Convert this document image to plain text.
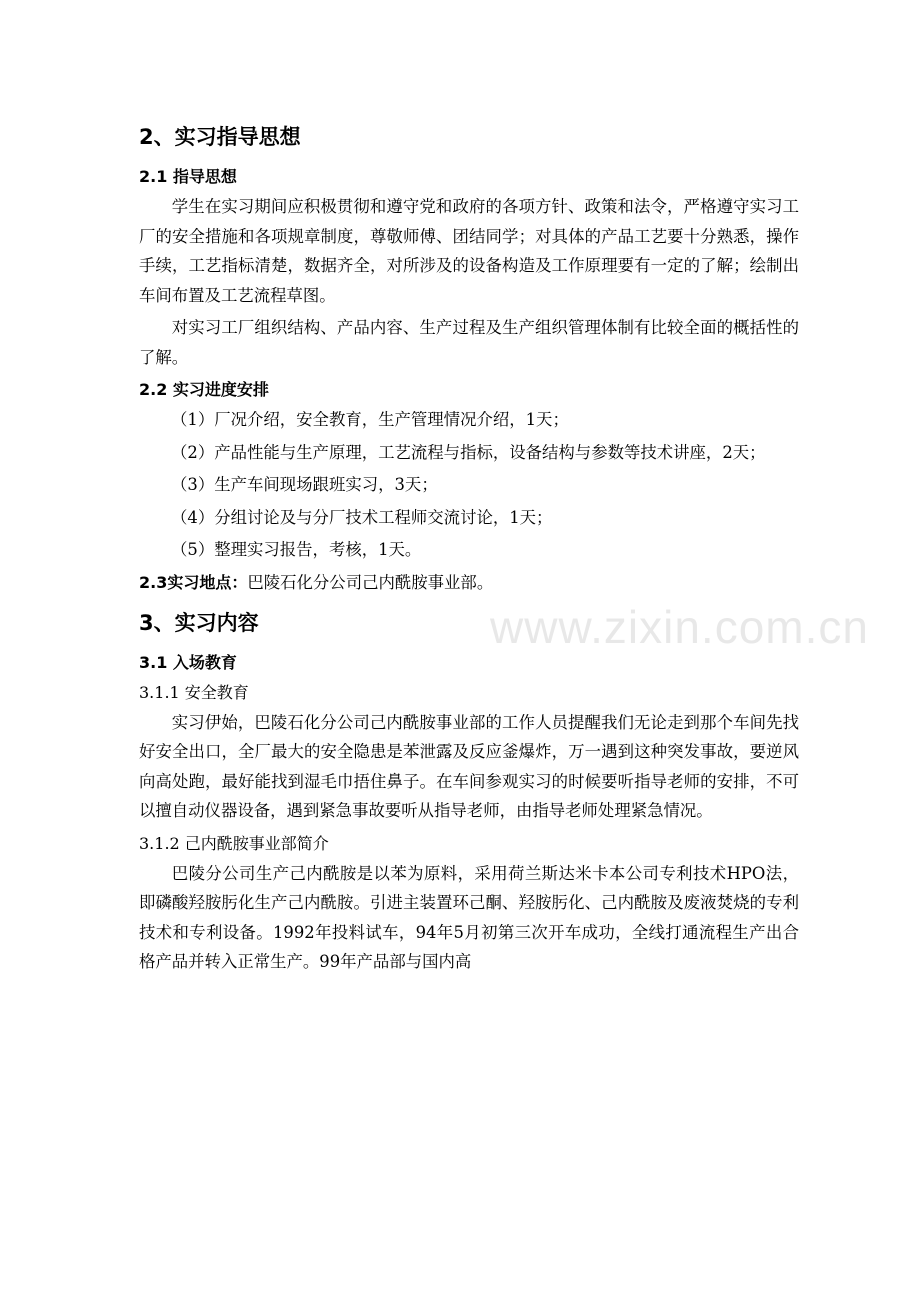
www.zixin.com.cn
2、实习指导思想
2.1 指导思想

学生在实习期间应积极贯彻和遵守党和政府的各项方针、政策和法令，严格遵守实习工厂的安全措施和各项规章制度，尊敬师傅、团结同学；对具体的产品工艺要十分熟悉，操作手续，工艺指标清楚，数据齐全，对所涉及的设备构造及工作原理要有一定的了解；绘制出车间布置及工艺流程草图。

对实习工厂组织结构、产品内容、生产过程及生产组织管理体制有比较全面的概括性的了解。

2.2 实习进度安排

（1）厂况介绍，安全教育，生产管理情况介绍，1天；

（2）产品性能与生产原理，工艺流程与指标，设备结构与参数等技术讲座，2天；

（3）生产车间现场跟班实习，3天；

（4）分组讨论及与分厂技术工程师交流讨论，1天；

（5）整理实习报告，考核，1天。

2.3实习地点：巴陵石化分公司己内酰胺事业部。
3、实习内容
3.1 入场教育
3.1.1 安全教育

实习伊始，巴陵石化分公司己内酰胺事业部的工作人员提醒我们无论走到那个车间先找好安全出口，全厂最大的安全隐患是苯泄露及反应釜爆炸，万一遇到这种突发事故，要逆风向高处跑，最好能找到湿毛巾捂住鼻子。在车间参观实习的时候要听指导老师的安排，不可以擅自动仪器设备，遇到紧急事故要听从指导老师，由指导老师处理紧急情况。

3.1.2 己内酰胺事业部简介

巴陵分公司生产己内酰胺是以苯为原料，采用荷兰斯达米卡本公司专利技术HPO法，即磷酸羟胺肟化生产己内酰胺。引进主装置环己酮、羟胺肟化、己内酰胺及废液焚烧的专利技术和专利设备。1992年投料试车，94年5月初第三次开车成功，全线打通流程生产出合格产品并转入正常生产。99年产品部与国内高
